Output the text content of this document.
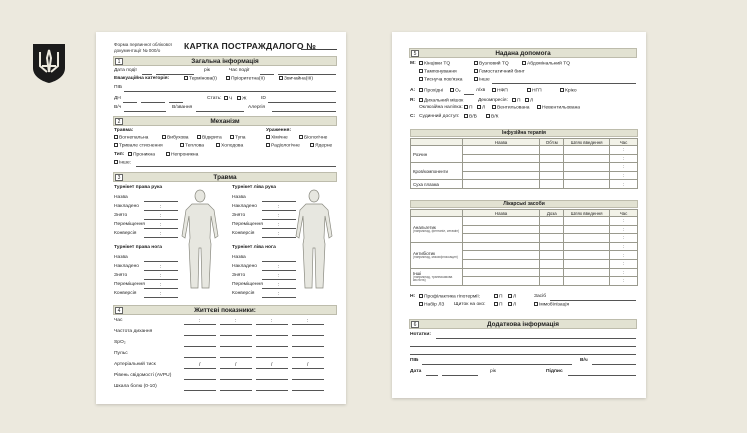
Форма первинної облікової
документації № 000/о	КАРТКА ПОСТРАЖДАЛОГО №
1	Загальна інформація
Дата події	рік	Час події
Евакуаційна категорія:	Термінова(І)	Пріоритетна(ІІ)	Звичайна(ІІІ)
ПІБ
ДН	Стать:	Ч	Ж	ID
В/ч	В/звання	Алергія
2	Механізм
Травма:
Вогнепальна	Вибухова	Відкрита	Тупа
Тривале стиснення	Теплова	Холодова
Ураження:
Хімічне	Біологічне
Радіологічне	Ядерне
Тип:	Проникна	Непроникна
Інше:
3	Травма
Турнікет права рука
Назва
Накладено	:
Знято	:
Переміщення	:
Конверсія	:
Турнікет ліва рука
Назва
Накладено	:
Знято	:
Переміщення	:
Конверсія	:
Турнікет права нога
Назва
Накладено	:
Знято	:
Переміщення	:
Конверсія	:
Турнікет ліва нога
Назва
Накладено	:
Знято	:
Переміщення	:
Конверсія	:
4	Життєві показники:
Час	:	:	:	:
Частота дихання
SpO₂
Пульс
Артеріальний тиск	/	/	/	/
Рівень свідомості (AVPU)
Шкала болю (0-10)
5	Надана допомога
M:	Кінцівки TQ	Вузловий TQ	Абдомінальний TQ
Тампонування	Гемостатичний бинт
Тиснуча пов'язка	Інше
A:	Прохідні	O₂	л/хв	НФП	НГП	Кріко
R:	Дихальний мішок	Декомпресія:	П	Л
Оклюзійна наліпка:	П	Л	Вентильована	Невентильована
C: Судинний доступ:	В/В	В/К
Інфузійна терапія
	Назва	Об'єм	Шлях введення	Час
Розчин				:
				:
Кров/компоненти				:
				:
Суха плазма				:
Лікарські засоби
	Назва	Доза	Шлях введення	Час

Анальгетик
(наприклад, фентаніл, кетамін)				:
				:
				:

Антибіотик
(наприклад, моксифлоксацин)				:
				:
				:

Інші
(наприклад, транексамова кислота)				:
				:
H:	Профілактика гіпотермії:	П	Л	Засіб
Набір ЛЗ Щиток на око:	П	Л	Іммобілізація
6	Додаткова інформація
Нотатки:
ПІБ	В/ч
Дата	рік	Підпис
